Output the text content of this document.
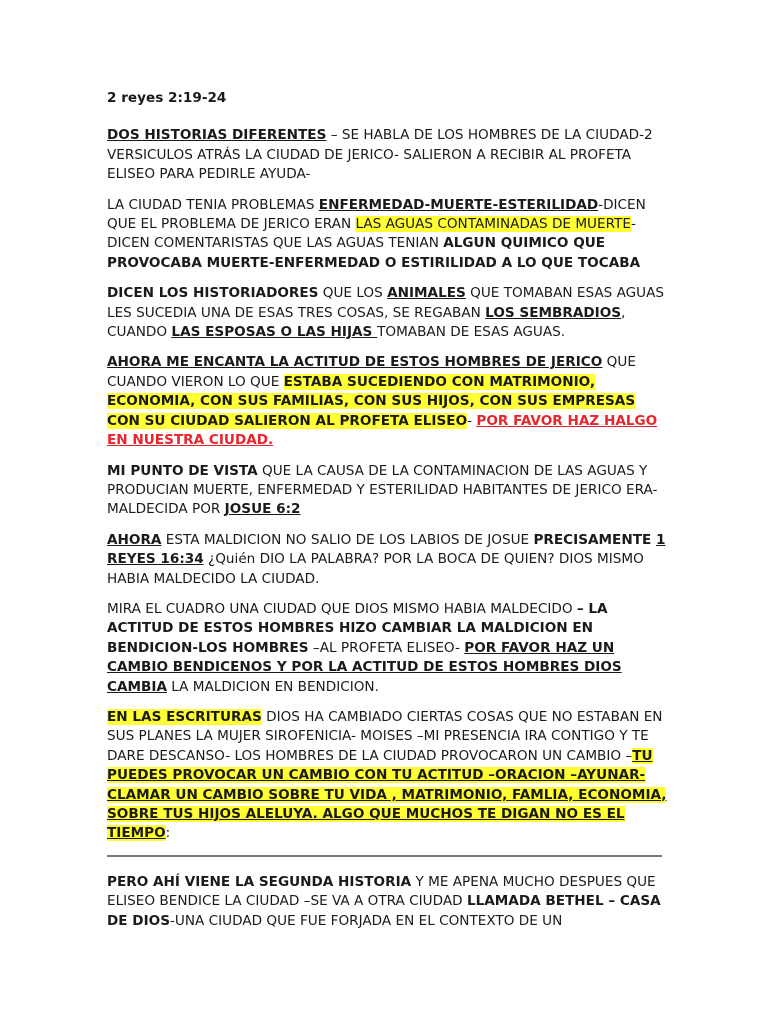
2 reyes 2:19-24

DOS HISTORIAS DIFERENTES – SE HABLA DE LOS HOMBRES DE LA CIUDAD-2 VERSICULOS ATRÁS LA CIUDAD DE JERICO- SALIERON A RECIBIR AL PROFETA ELISEO PARA PEDIRLE AYUDA-

LA CIUDAD TENIA PROBLEMAS ENFERMEDAD-MUERTE-ESTERILIDAD-DICEN QUE EL PROBLEMA DE JERICO ERAN LAS AGUAS CONTAMINADAS DE MUERTE- DICEN COMENTARISTAS QUE LAS AGUAS TENIAN ALGUN QUIMICO QUE PROVOCABA MUERTE-ENFERMEDAD O ESTIRILIDAD A LO QUE TOCABA

DICEN LOS HISTORIADORES QUE LOS ANIMALES QUE TOMABAN ESAS AGUAS LES SUCEDIA UNA DE ESAS TRES COSAS, SE REGABAN LOS SEMBRADIOS, CUANDO LAS ESPOSAS O LAS HIJAS TOMABAN DE ESAS AGUAS.

AHORA ME ENCANTA LA ACTITUD DE ESTOS HOMBRES DE JERICO QUE CUANDO VIERON LO QUE ESTABA SUCEDIENDO CON MATRIMONIO, ECONOMIA, CON SUS FAMILIAS, CON SUS HIJOS, CON SUS EMPRESAS CON SU CIUDAD SALIERON AL PROFETA ELISEO- POR FAVOR HAZ HALGO EN NUESTRA CIUDAD.

MI PUNTO DE VISTA QUE LA CAUSA DE LA CONTAMINACION DE LAS AGUAS Y PRODUCIAN MUERTE, ENFERMEDAD Y ESTERILIDAD HABITANTES DE JERICO ERA-MALDECIDA POR JOSUE 6:2

AHORA ESTA MALDICION NO SALIO DE LOS LABIOS DE JOSUE PRECISAMENTE 1 REYES 16:34 ¿Quién DIO LA PALABRA? POR LA BOCA DE QUIEN? DIOS MISMO HABIA MALDECIDO LA CIUDAD.

MIRA EL CUADRO UNA CIUDAD QUE DIOS MISMO HABIA MALDECIDO – LA ACTITUD DE ESTOS HOMBRES HIZO CAMBIAR LA MALDICION EN BENDICION-LOS HOMBRES –AL PROFETA ELISEO- POR FAVOR HAZ UN CAMBIO BENDICENOS Y POR LA ACTITUD DE ESTOS HOMBRES DIOS CAMBIA LA MALDICION EN BENDICION.

EN LAS ESCRITURAS DIOS HA CAMBIADO CIERTAS COSAS QUE NO ESTABAN EN SUS PLANES LA MUJER SIROFENICIA- MOISES –MI PRESENCIA IRA CONTIGO Y TE DARE DESCANSO- LOS HOMBRES DE LA CIUDAD PROVOCARON UN CAMBIO –TU PUEDES PROVOCAR UN CAMBIO CON TU ACTITUD –ORACION –AYUNAR-CLAMAR UN CAMBIO SOBRE TU VIDA , MATRIMONIO, FAMLIA, ECONOMIA, SOBRE TUS HIJOS ALELUYA. ALGO QUE MUCHOS TE DIGAN NO ES EL TIEMPO:

PERO AHÍ VIENE LA SEGUNDA HISTORIA Y ME APENA MUCHO DESPUES QUE ELISEO BENDICE LA CIUDAD –SE VA A OTRA CIUDAD LLAMADA BETHEL – CASA DE DIOS-UNA CIUDAD QUE FUE FORJADA EN EL CONTEXTO DE UN
